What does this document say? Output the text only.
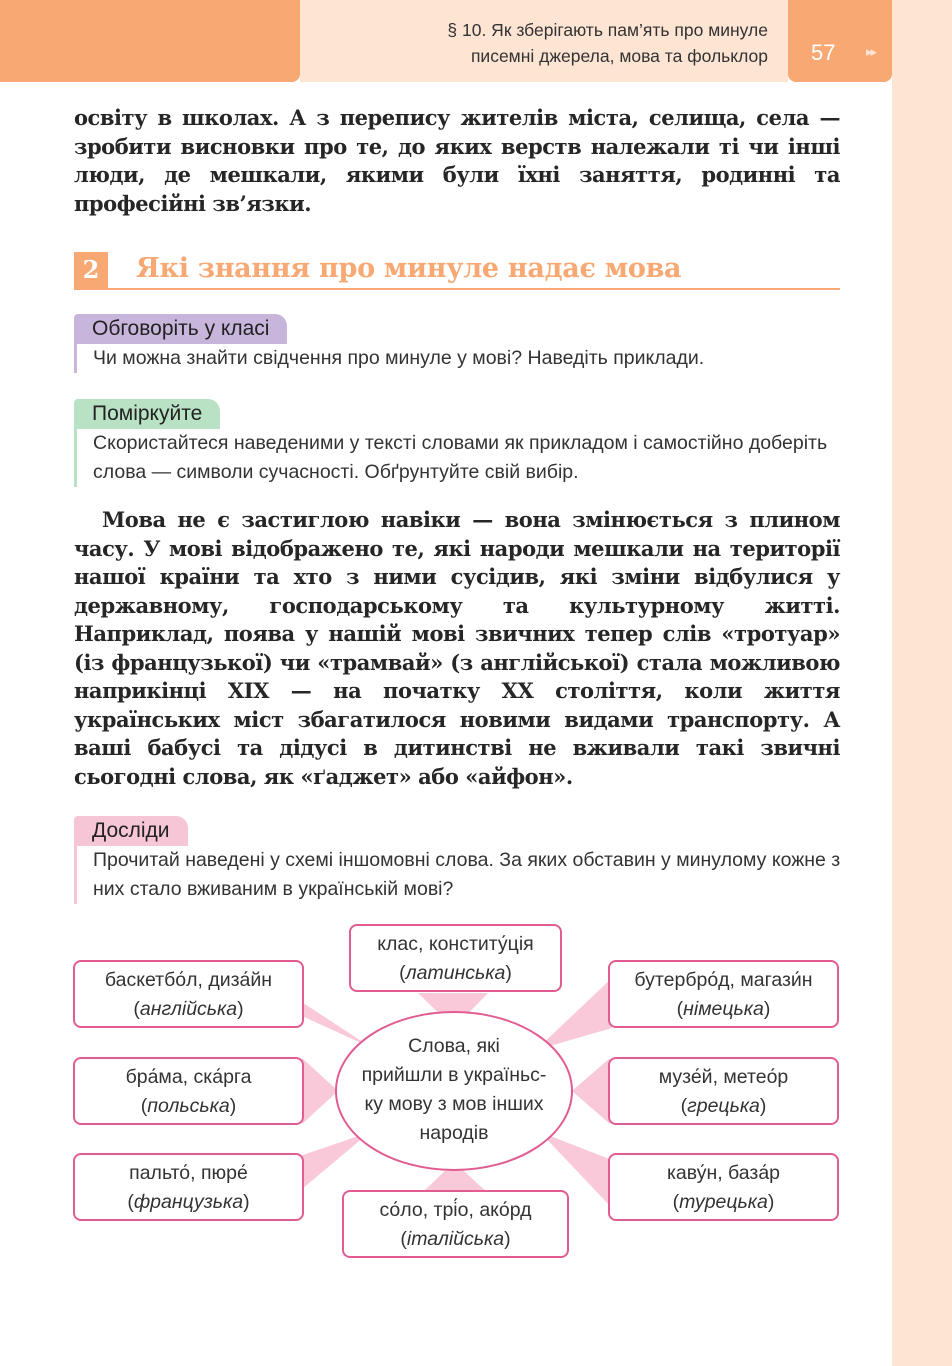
§ 10. Як зберігають пам’ять про минуле
писемні джерела, мова та фольклор 57 ▸▸

освіту в школах. А з перепису жителів міста, селища, села — зробити висновки про те, до яких верств належали ті чи інші люди, де мешкали, якими були їхні заняття, родинні та професійні зв’язки.

2	Які знання про минуле надає мова
Обговоріть у класі
Чи можна знайти свідчення про минуле у мові? Наведіть приклади.
Поміркуйте
Скористайтеся наведеними у тексті словами як прикладом і самостійно доберіть слова — символи сучасності. Обґрунтуйте свій вибір.

Мова не є застиглою навіки — вона змінюється з плином часу. У мові відображено те, які народи мешкали на території нашої країни та хто з ними сусідив, які зміни відбулися у державному, господарському та культурному житті. Наприклад, поява у нашій мові звичних тепер слів «тротуар» (із французької) чи «трамвай» (з англійської) стала можливою наприкінці XIX — на початку XX століття, коли життя українських міст збагатилося новими видами транспорту. А ваші бабусі та дідусі в дитинстві не вживали такі звичні сьогодні слова, як «ґаджет» або «айфон».

Досліди
Прочитай наведені у схемі іншомовні слова. За яких обставин у минулому кожне з них стало вживаним в українській мові?
Слова, які
прийшли в україньс-
ку мову з мов інших
народів
клас, конститу́ція
(латинська)
баскетбо́л, диза́йн
(англійська)
бра́ма, ска́рга
(польська)
пальто́, пюре́
(французька)	со́ло, трі́о, ако́рд
(італійська)
бутербро́д, магази́н
(німецька)
музе́й, метео́р
(грецька)
каву́н, база́р
(турецька)
